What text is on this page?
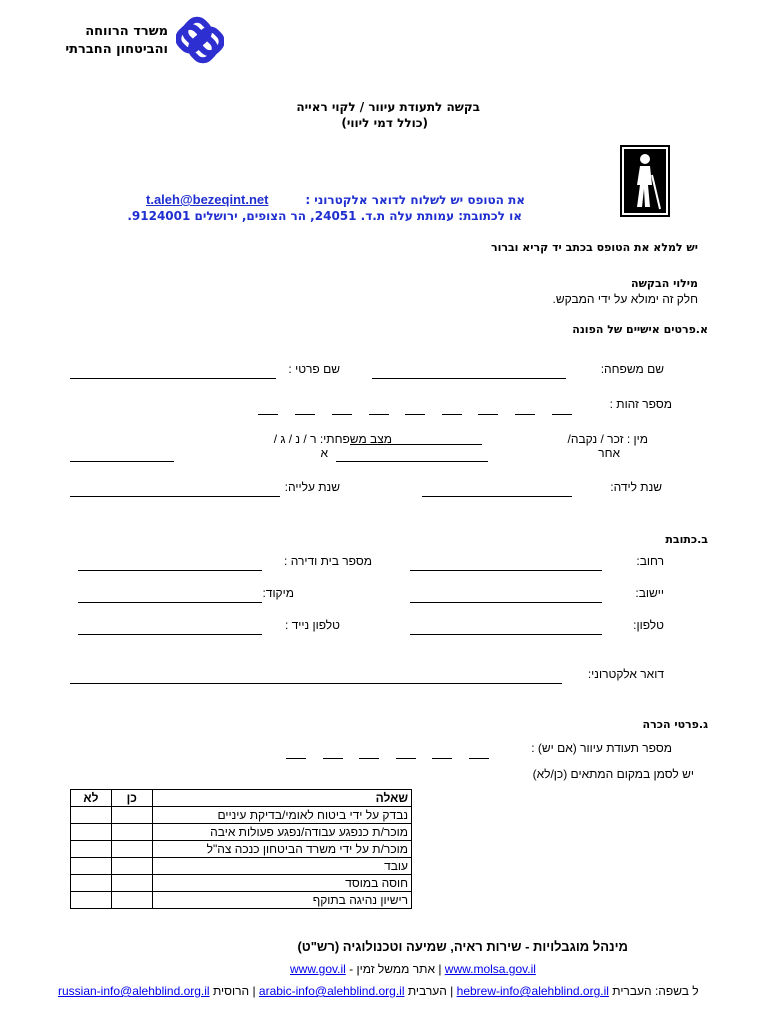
משרד הרווחה
והביטחון החברתי
בקשה לתעודת עיוור / לקוי ראייה
(כולל דמי ליווי)
את הטופס יש לשלוח לדואר אלקטרוני :
t.aleh@bezeqint.net
או לכתובת: עמותת עלה ת.ד. 24051, הר הצופים, ירושלים 9124001.
יש למלא את הטופס בכתב יד קריא וברור
מילוי הבקשה
חלק זה ימולא על ידי המבקש.
א.פרטים אישיים של הפונה
שם משפחה:
שם פרטי :
מספר זהות :
מין : זכר / נקבה/
אחר
_
מצב משפחתי: ר / נ / ג /
א
שנת לידה:
שנת עלייה:
ב.כתובת
רחוב:
מספר בית ודירה :
יישוב:
מיקוד:
טלפון:
טלפון נייד :
דואר אלקטרוני:
ג.פרטי הכרה
מספר תעודת עיוור (אם יש) :
יש לסמן במקום המתאים (כן/לא)
שאלה	כן	לא
נבדק על ידי ביטוח לאומי/בדיקת עיניים		
מוכר/ת כנפגע עבודה/נפגע פעולות איבה		
מוכר/ת על ידי משרד הביטחון כנכה צה"ל		
עובד		
חוסה במוסד		
רישיון נהיגה בתוקף		
מינהל מוגבלויות - שירות ראיה, שמיעה וטכנולוגיה (רש"ט)
www.gov.il | אתר ממשל זמין - www.molsa.gov.il
russian-info@alehblind.org.il | הרוסית arabic-info@alehblind.org.il | הערבית hebrew-info@alehblind.org.il ל בשפה: העברית
